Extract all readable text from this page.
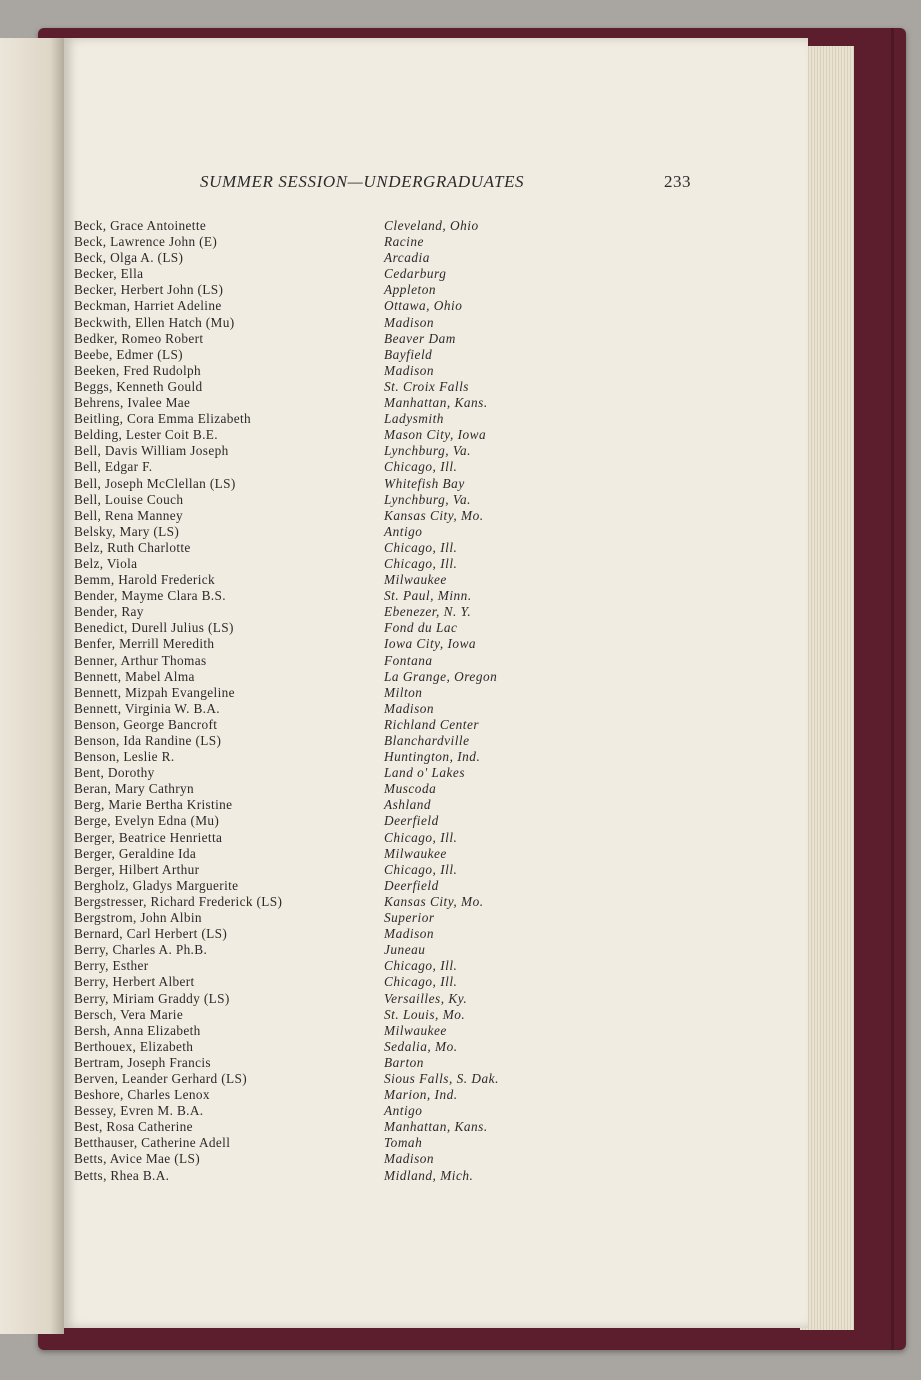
SUMMER SESSION—UNDERGRADUATES	233
Beck, Grace Antoinette	Cleveland, Ohio
Beck, Lawrence John (E)	Racine
Beck, Olga A. (LS)	Arcadia
Becker, Ella	Cedarburg
Becker, Herbert John (LS)	Appleton
Beckman, Harriet Adeline	Ottawa, Ohio
Beckwith, Ellen Hatch (Mu)	Madison
Bedker, Romeo Robert	Beaver Dam
Beebe, Edmer (LS)	Bayfield
Beeken, Fred Rudolph	Madison
Beggs, Kenneth Gould	St. Croix Falls
Behrens, Ivalee Mae	Manhattan, Kans.
Beitling, Cora Emma Elizabeth	Ladysmith
Belding, Lester Coit B.E.	Mason City, Iowa
Bell, Davis William Joseph	Lynchburg, Va.
Bell, Edgar F.	Chicago, Ill.
Bell, Joseph McClellan (LS)	Whitefish Bay
Bell, Louise Couch	Lynchburg, Va.
Bell, Rena Manney	Kansas City, Mo.
Belsky, Mary (LS)	Antigo
Belz, Ruth Charlotte	Chicago, Ill.
Belz, Viola	Chicago, Ill.
Bemm, Harold Frederick	Milwaukee
Bender, Mayme Clara B.S.	St. Paul, Minn.
Bender, Ray	Ebenezer, N. Y.
Benedict, Durell Julius (LS)	Fond du Lac
Benfer, Merrill Meredith	Iowa City, Iowa
Benner, Arthur Thomas	Fontana
Bennett, Mabel Alma	La Grange, Oregon
Bennett, Mizpah Evangeline	Milton
Bennett, Virginia W. B.A.	Madison
Benson, George Bancroft	Richland Center
Benson, Ida Randine (LS)	Blanchardville
Benson, Leslie R.	Huntington, Ind.
Bent, Dorothy	Land o' Lakes
Beran, Mary Cathryn	Muscoda
Berg, Marie Bertha Kristine	Ashland
Berge, Evelyn Edna (Mu)	Deerfield
Berger, Beatrice Henrietta	Chicago, Ill.
Berger, Geraldine Ida	Milwaukee
Berger, Hilbert Arthur	Chicago, Ill.
Bergholz, Gladys Marguerite	Deerfield
Bergstresser, Richard Frederick (LS)	Kansas City, Mo.
Bergstrom, John Albin	Superior
Bernard, Carl Herbert (LS)	Madison
Berry, Charles A. Ph.B.	Juneau
Berry, Esther	Chicago, Ill.
Berry, Herbert Albert	Chicago, Ill.
Berry, Miriam Graddy (LS)	Versailles, Ky.
Bersch, Vera Marie	St. Louis, Mo.
Bersh, Anna Elizabeth	Milwaukee
Berthouex, Elizabeth	Sedalia, Mo.
Bertram, Joseph Francis	Barton
Berven, Leander Gerhard (LS)	Sious Falls, S. Dak.
Beshore, Charles Lenox	Marion, Ind.
Bessey, Evren M. B.A.	Antigo
Best, Rosa Catherine	Manhattan, Kans.
Betthauser, Catherine Adell	Tomah
Betts, Avice Mae (LS)	Madison
Betts, Rhea B.A.	Midland, Mich.
